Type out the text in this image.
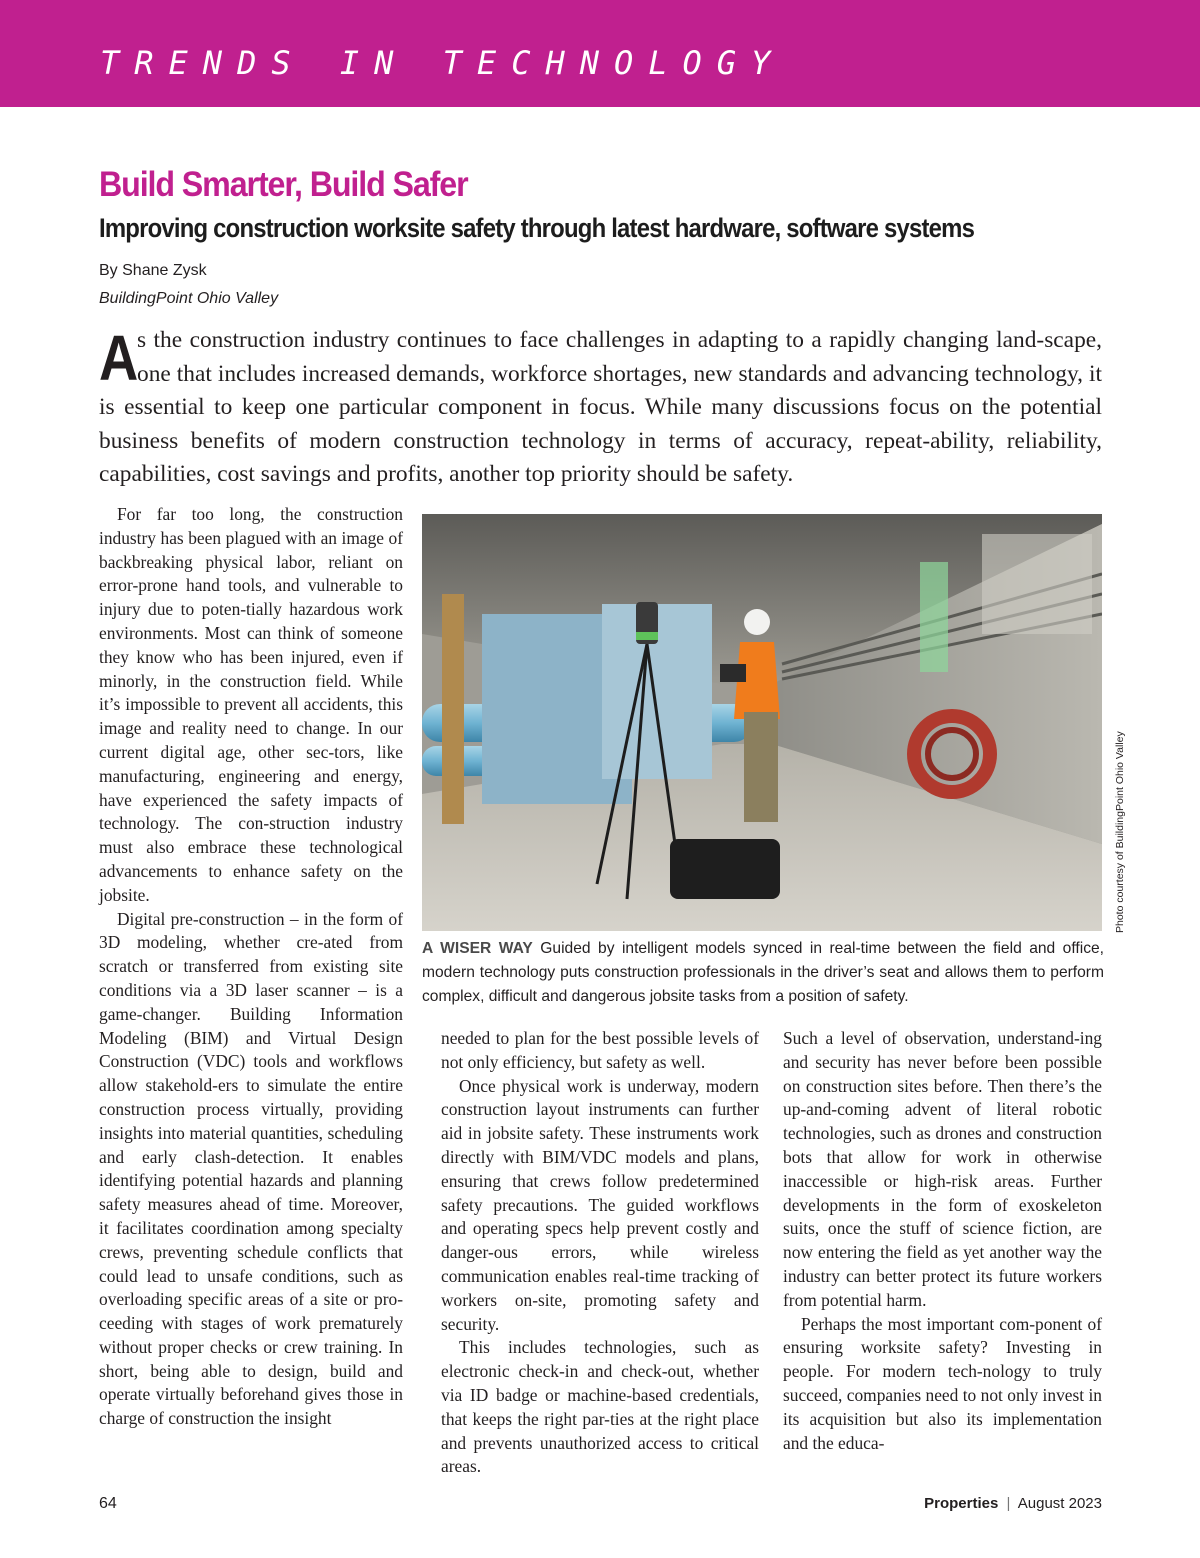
TRENDS IN TECHNOLOGY
Build Smarter, Build Safer
Improving construction worksite safety through latest hardware, software systems
By Shane Zysk
BuildingPoint Ohio Valley
A
s the construction industry continues to face challenges in adapting to a rapidly changing land-scape, one that includes increased demands, workforce shortages, new standards and advancing technology, it is essential to keep one particular component in focus. While many discussions focus on the potential business benefits of modern construction technology in terms of accuracy, repeat-ability, reliability, capabilities, cost savings and profits, another top priority should be safety.

For far too long, the construction industry has been plagued with an image of backbreaking physical labor, reliant on error-prone hand tools, and vulnerable to injury due to poten-tially hazardous work environments. Most can think of someone they know who has been injured, even if minorly, in the construction field. While it’s impossible to prevent all accidents, this image and reality need to change. In our current digital age, other sec-tors, like manufacturing, engineering and energy, have experienced the safety impacts of technology. The con-struction industry must also embrace these technological advancements to enhance safety on the jobsite.

Digital pre-construction – in the form of 3D modeling, whether cre-ated from scratch or transferred from existing site conditions via a 3D laser scanner – is a game-changer. Building Information Modeling (BIM) and Virtual Design Construction (VDC) tools and workflows allow stakehold-ers to simulate the entire construction process virtually, providing insights into material quantities, scheduling and early clash-detection. It enables identifying potential hazards and planning safety measures ahead of time. Moreover, it facilitates coordination among specialty crews, preventing schedule conflicts that could lead to unsafe conditions, such as overloading specific areas of a site or pro-ceeding with stages of work prematurely without proper checks or crew training. In short, being able to design, build and operate virtually beforehand gives those in charge of construction the insight

Photo courtesy of BuildingPoint Ohio Valley
A WISER WAY Guided by intelligent models synced in real-time between the field and office, modern technology puts construction professionals in the driver’s seat and allows them to perform complex, difficult and dangerous jobsite tasks from a position of safety.

needed to plan for the best possible levels of not only efficiency, but safety as well.

Once physical work is underway, modern construction layout instruments can further aid in jobsite safety. These instruments work directly with BIM/VDC models and plans, ensuring that crews follow predetermined safety precautions. The guided workflows and operating specs help prevent costly and danger-ous errors, while wireless communication enables real-time tracking of workers on-site, promoting safety and security.

This includes technologies, such as electronic check-in and check-out, whether via ID badge or machine-based credentials, that keeps the right par-ties at the right place and prevents unauthorized access to critical areas.

Such a level of observation, understand-ing and security has never before been possible on construction sites before. Then there’s the up-and-coming advent of literal robotic technologies, such as drones and construction bots that allow for work in otherwise inaccessible or high-risk areas. Further developments in the form of exoskeleton suits, once the stuff of science fiction, are now entering the field as yet another way the industry can better protect its future workers from potential harm.

Perhaps the most important com-ponent of ensuring worksite safety? Investing in people. For modern tech-nology to truly succeed, companies need to not only invest in its acquisition but also its implementation and the educa-

64	Properties | August 2023
